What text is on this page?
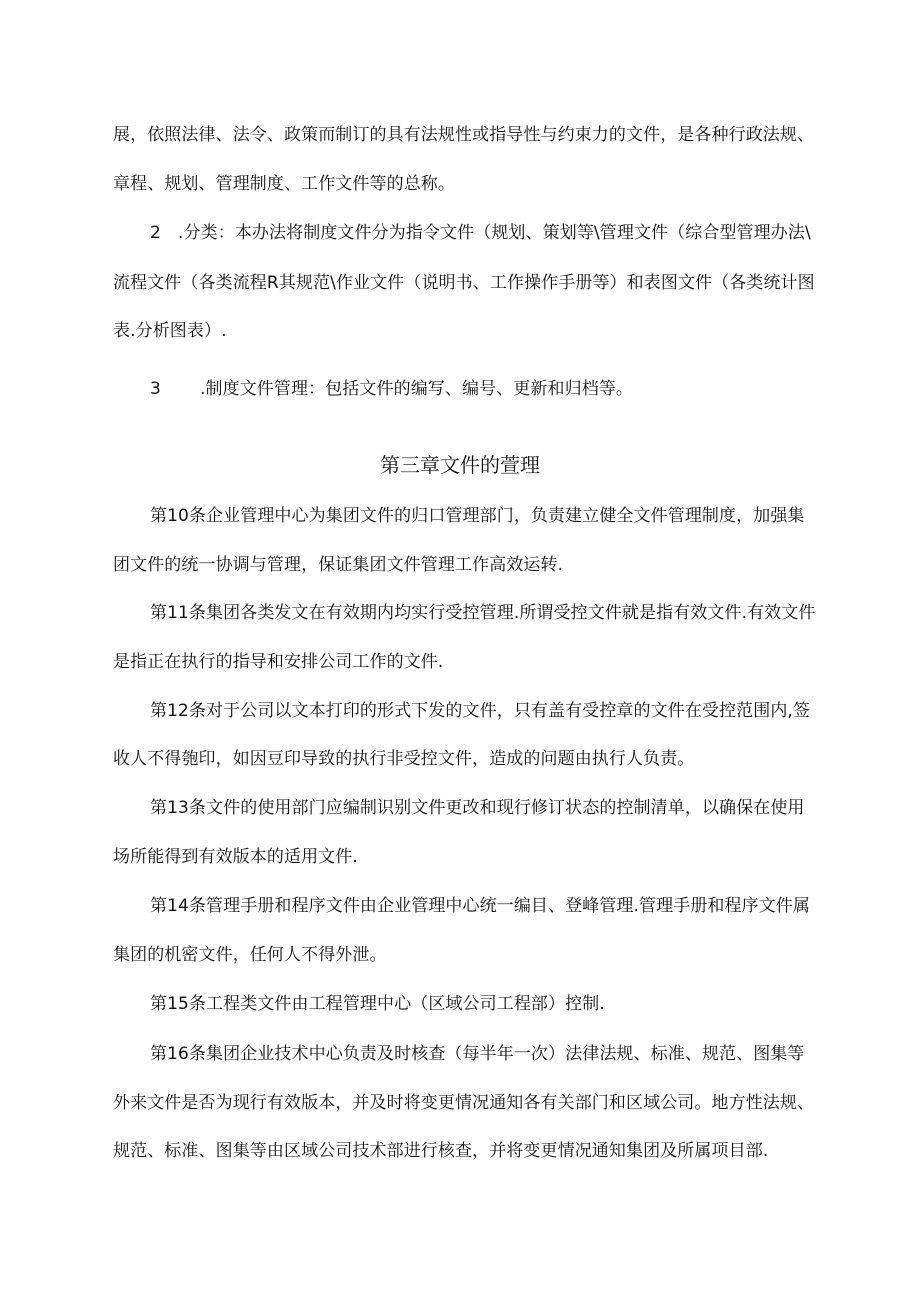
展，依照法律、法令、政策而制订的具有法规性或指导性与约束力的文件，是各种行政法规、
章程、规划、管理制度、工作文件等的总称。
2　.分类：本办法将制度文件分为指令文件（规划、策划等\管理文件（综合型管理办法\
流程文件（各类流程R其规范\作业文件（说明书、工作操作手册等）和表图文件（各类统计图
表.分析图表）.
3 .制度文件管理：包括文件的编写、编号、更新和归档等。
第三章文件的萱理
第10条企业管理中心为集团文件的归口管理部门，负责建立健全文件管理制度，加强集
团文件的统一协调与管理，保证集团文件管理工作高效运转.
第11条集团各类发文在有效期内均实行受控管理.所谓受控文件就是指有效文件.有效文件
是指正在执行的指导和安排公司工作的文件.
第12条对于公司以文本打印的形式下发的文件，只有盖有受控章的文件在受控范围内,签
收人不得匏印，如因豆印导致的执行非受控文件，造成的问题由执行人负责。
第13条文件的使用部门应编制识别文件更改和现行修订状态的控制清单，以确保在使用
场所能得到有效版本的适用文件.
第14条管理手册和程序文件由企业管理中心统一编目、登峰管理.管理手册和程序文件属
集团的机密文件，任何人不得外泄。
第15条工程类文件由工程管理中心（区域公司工程部）控制.
第16条集团企业技术中心负责及时核查（每半年一次）法律法规、标准、规范、图集等
外来文件是否为现行有效版本，并及时将变更情况通知各有关部门和区域公司。地方性法规、
规范、标准、图集等由区域公司技术部进行核查，并将变更情况通知集团及所属项目部.
